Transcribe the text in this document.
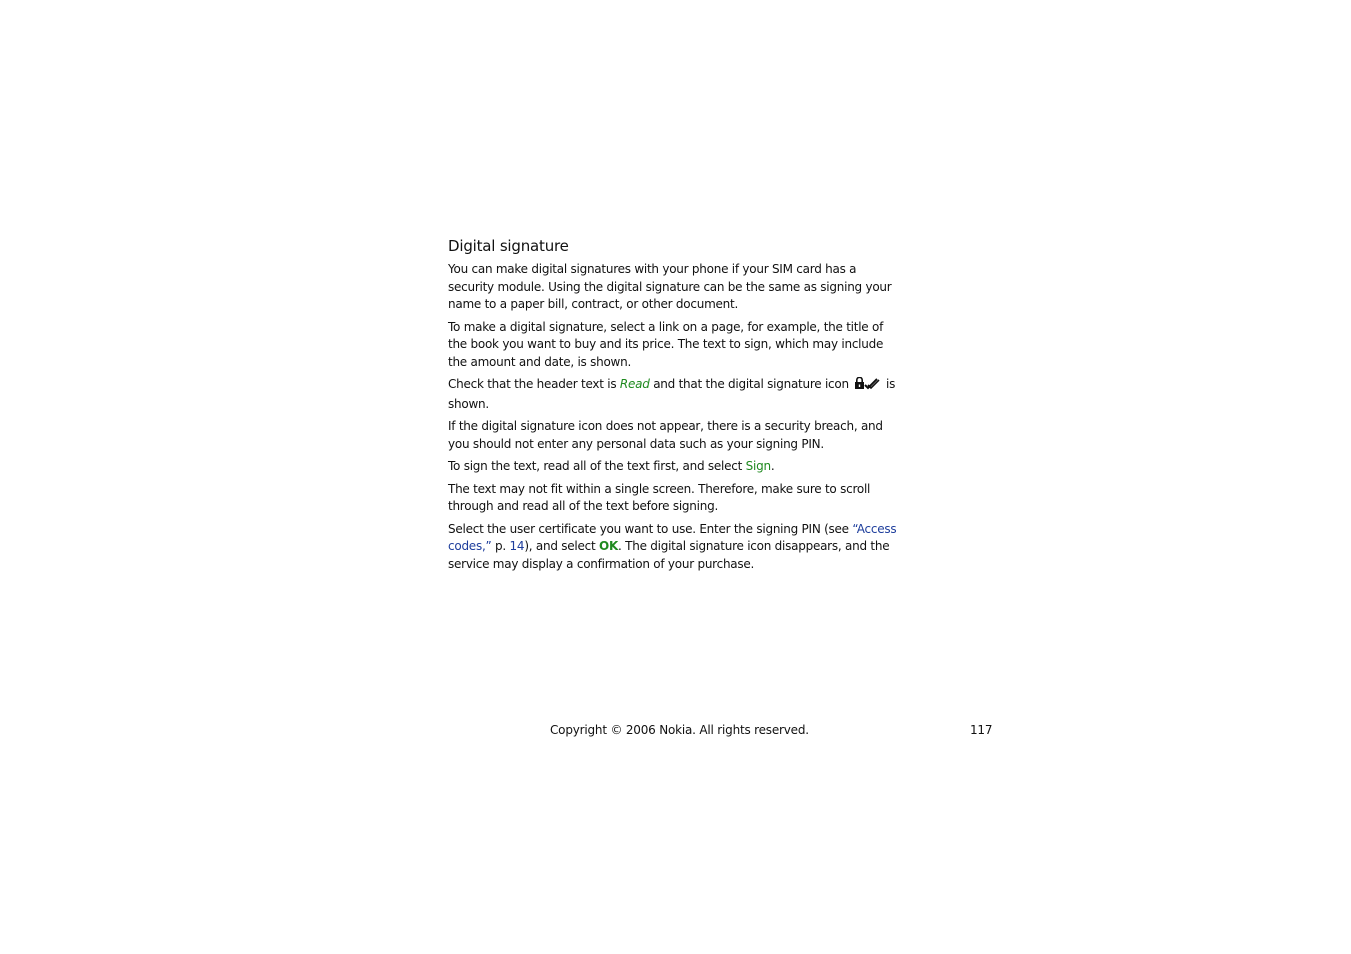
Digital signature

You can make digital signatures with your phone if your SIM card has a security module. Using the digital signature can be the same as signing your name to a paper bill, contract, or other document.

To make a digital signature, select a link on a page, for example, the title of the book you want to buy and its price. The text to sign, which may include the amount and date, is shown.

Check that the header text is Read and that the digital signature icon	is shown.

If the digital signature icon does not appear, there is a security breach, and you should not enter any personal data such as your signing PIN.

To sign the text, read all of the text first, and select Sign.

The text may not fit within a single screen. Therefore, make sure to scroll through and read all of the text before signing.

Select the user certificate you want to use. Enter the signing PIN (see “Access codes,” p. 14), and select OK. The digital signature icon disappears, and the service may display a confirmation of your purchase.

Copyright © 2006 Nokia. All rights reserved.	117
